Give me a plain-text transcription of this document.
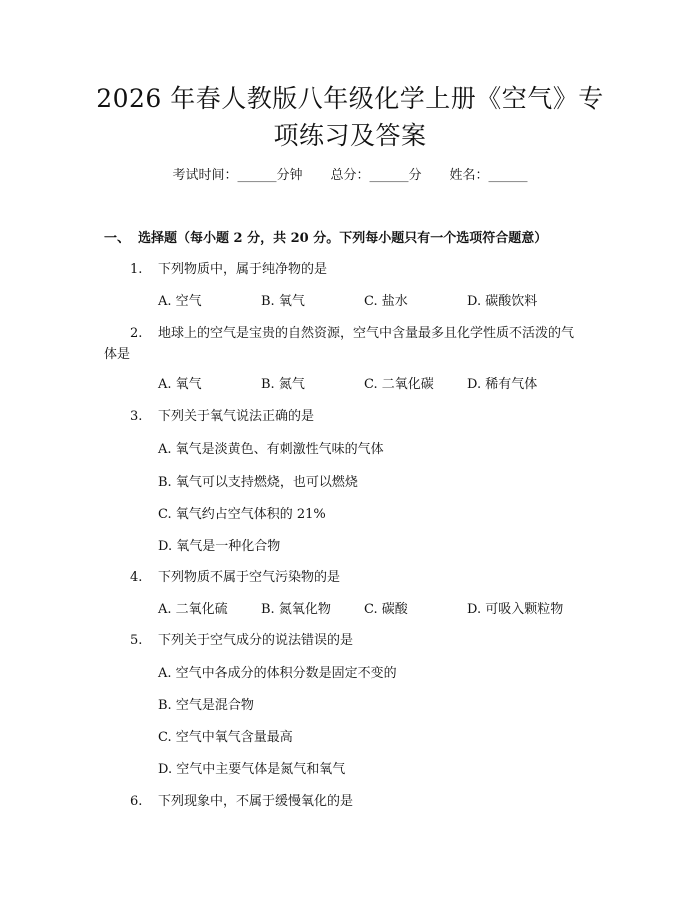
2026 年春人教版八年级化学上册《空气》专
项练习及答案
考试时间：______分钟 总分：______分 姓名：______
一、 选择题（每小题 2 分，共 20 分。下列每小题只有一个选项符合题意）
1. 下列物质中，属于纯净物的是
A. 空气	B. 氧气	C. 盐水	D. 碳酸饮料
2. 地球上的空气是宝贵的自然资源，空气中含量最多且化学性质不活泼的气
体是
A. 氧气	B. 氮气	C. 二氧化碳	D. 稀有气体
3. 下列关于氧气说法正确的是
A. 氧气是淡黄色、有刺激性气味的气体
B. 氧气可以支持燃烧，也可以燃烧
C. 氧气约占空气体积的 21%
D. 氧气是一种化合物
4. 下列物质不属于空气污染物的是
A. 二氧化硫	B. 氮氧化物	C. 碳酸	D. 可吸入颗粒物
5. 下列关于空气成分的说法错误的是
A. 空气中各成分的体积分数是固定不变的
B. 空气是混合物
C. 空气中氧气含量最高
D. 空气中主要气体是氮气和氧气
6. 下列现象中，不属于缓慢氧化的是
